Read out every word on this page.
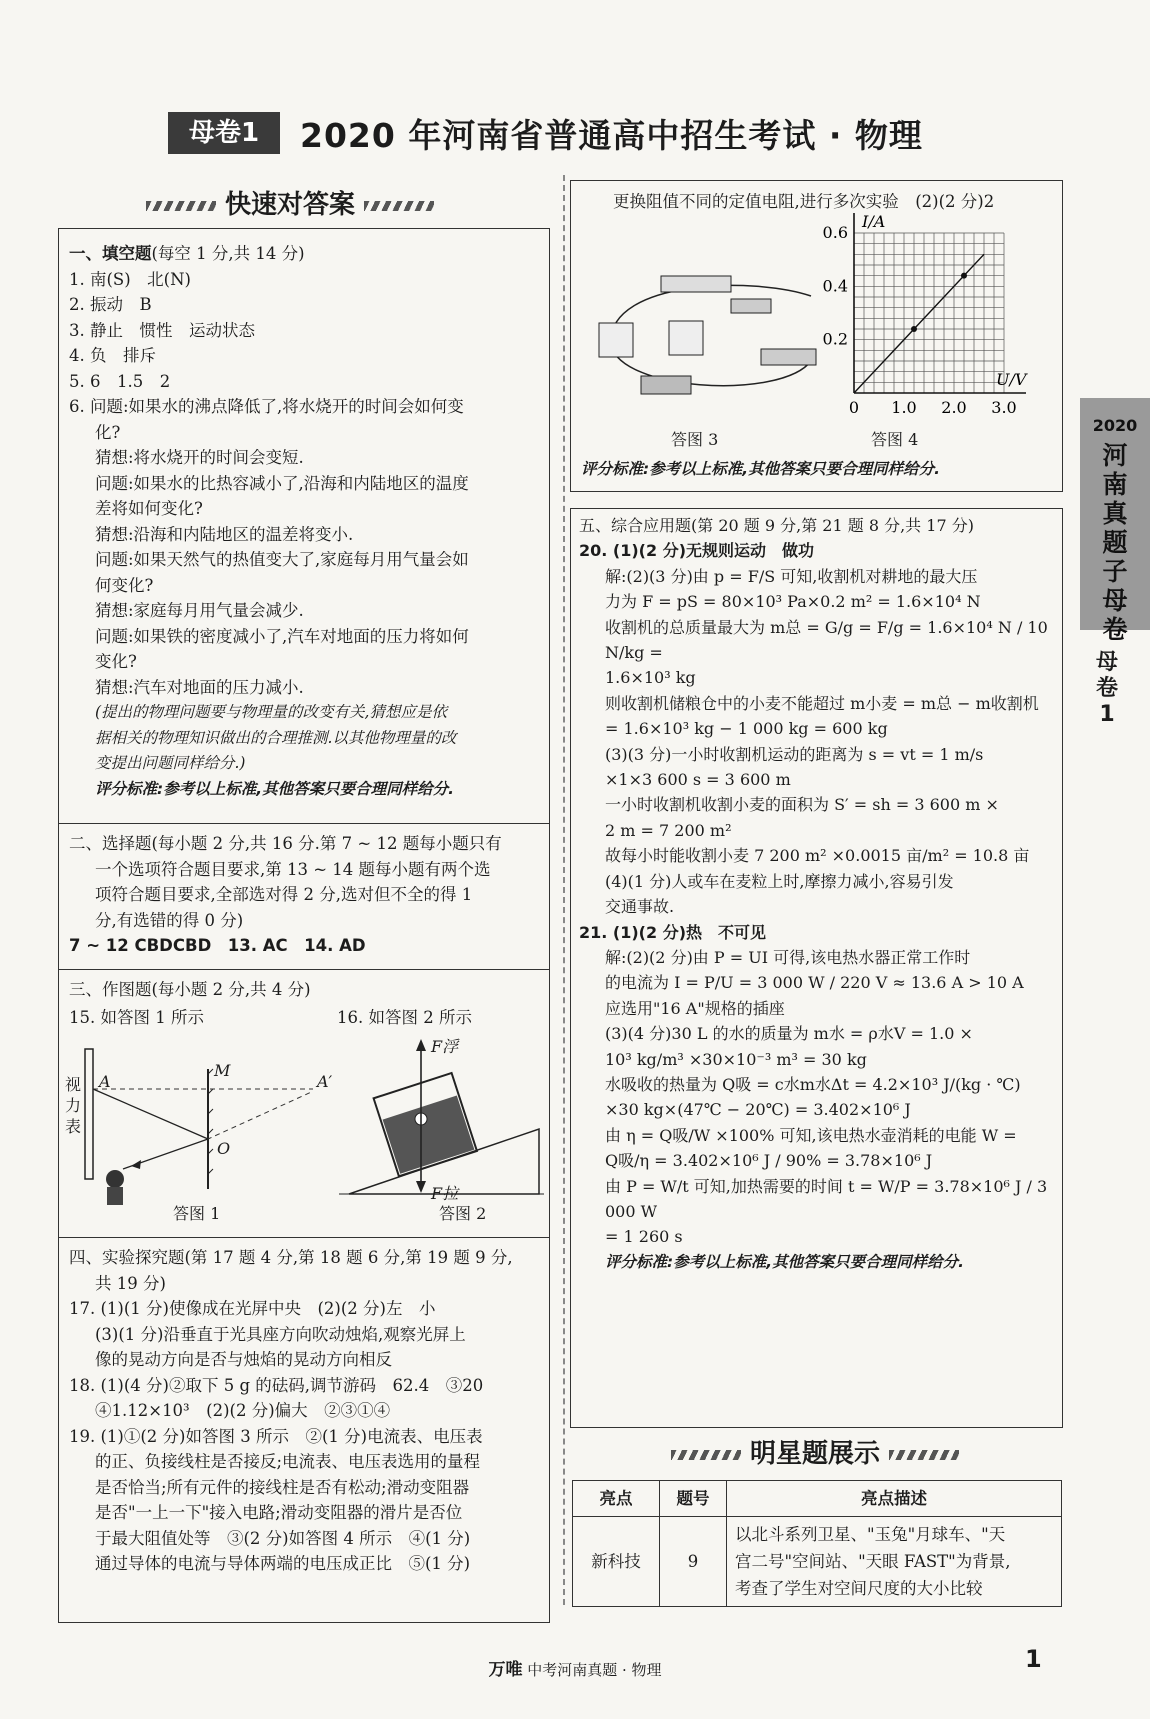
母卷1	2020 年河南省普通高中招生考试 · 物理
快速对答案

一、填空题(每空 1 分,共 14 分)

1. 南(S)　北(N)

2. 振动　B

3. 静止　惯性　运动状态

4. 负　排斥

5. 6　1.5　2

6. 问题:如果水的沸点降低了,将水烧开的时间会如何变

化?

猜想:将水烧开的时间会变短.

问题:如果水的比热容减小了,沿海和内陆地区的温度

差将如何变化?

猜想:沿海和内陆地区的温差将变小.

问题:如果天然气的热值变大了,家庭每月用气量会如

何变化?

猜想:家庭每月用气量会减少.

问题:如果铁的密度减小了,汽车对地面的压力将如何

变化?

猜想:汽车对地面的压力减小.

(提出的物理问题要与物理量的改变有关,猜想应是依

据相关的物理知识做出的合理推测.以其他物理量的改

变提出问题同样给分.)

评分标准:参考以上标准,其他答案只要合理同样给分.

二、选择题(每小题 2 分,共 16 分.第 7 ~ 12 题每小题只有

一个选项符合题目要求,第 13 ~ 14 题每小题有两个选

项符合题目要求,全部选对得 2 分,选对但不全的得 1

分,有选错的得 0 分)

7 ~ 12 CBDCBD　13. AC　14. AD

三、作图题(每小题 2 分,共 4 分)

15. 如答图 1 所示	16. 如答图 2 所示
视力表
A
M
A′
O
答图 1
F浮
F拉
答图 2

四、实验探究题(第 17 题 4 分,第 18 题 6 分,第 19 题 9 分,

共 19 分)

17. (1)(1 分)使像成在光屏中央　(2)(2 分)左　小

(3)(1 分)沿垂直于光具座方向吹动烛焰,观察光屏上

像的晃动方向是否与烛焰的晃动方向相反

18. (1)(4 分)②取下 5 g 的砝码,调节游码　62.4　③20

④1.12×10³　(2)(2 分)偏大　②③①④

19. (1)①(2 分)如答图 3 所示　②(1 分)电流表、电压表

的正、负接线柱是否接反;电流表、电压表选用的量程

是否恰当;所有元件的接线柱是否有松动;滑动变阻器

是否"一上一下"接入电路;滑动变阻器的滑片是否位

于最大阻值处等　③(2 分)如答图 4 所示　④(1 分)

通过导体的电流与导体两端的电压成正比　⑤(1 分)

更换阻值不同的定值电阻,进行多次实验　(2)(2 分)2
答图 3
0 1.0 2.0 3.0
0.2
0.4
0.6
U/V
I/A
答图 4
评分标准:参考以上标准,其他答案只要合理同样给分.

五、综合应用题(第 20 题 9 分,第 21 题 8 分,共 17 分)

20. (1)(2 分)无规则运动　做功

解:(2)(3 分)由 p = F/S 可知,收割机对耕地的最大压

力为 F = pS = 80×10³ Pa×0.2 m² = 1.6×10⁴ N

收割机的总质量最大为 m总 = G/g = F/g = 1.6×10⁴ N / 10 N/kg =

1.6×10³ kg

则收割机储粮仓中的小麦不能超过 m小麦 = m总 − m收割机

= 1.6×10³ kg − 1 000 kg = 600 kg

(3)(3 分)一小时收割机运动的距离为 s = vt = 1 m/s

×1×3 600 s = 3 600 m

一小时收割机收割小麦的面积为 S′ = sh = 3 600 m ×

2 m = 7 200 m²

故每小时能收割小麦 7 200 m² ×0.0015 亩/m² = 10.8 亩

(4)(1 分)人或车在麦粒上时,摩擦力减小,容易引发

交通事故.

21. (1)(2 分)热　不可见

解:(2)(2 分)由 P = UI 可得,该电热水器正常工作时

的电流为 I = P/U = 3 000 W / 220 V ≈ 13.6 A > 10 A

应选用"16 A"规格的插座

(3)(4 分)30 L 的水的质量为 m水 = ρ水V = 1.0 ×

10³ kg/m³ ×30×10⁻³ m³ = 30 kg

水吸收的热量为 Q吸 = c水m水Δt = 4.2×10³ J/(kg · ℃)

×30 kg×(47℃ − 20℃) = 3.402×10⁶ J

由 η = Q吸/W ×100% 可知,该电热水壶消耗的电能 W =

Q吸/η = 3.402×10⁶ J / 90% = 3.78×10⁶ J

由 P = W/t 可知,加热需要的时间 t = W/P = 3.78×10⁶ J / 3 000 W

= 1 260 s

评分标准:参考以上标准,其他答案只要合理同样给分.

明星题展示
亮点	题号	亮点描述
新科技	9	以北斗系列卫星、"玉兔"月球车、"天
宫二号"空间站、"天眼 FAST"为背景,
考查了学生对空间尺度的大小比较
2020
河南真题子母卷
母卷1
万唯 中考河南真题 · 物理	1
